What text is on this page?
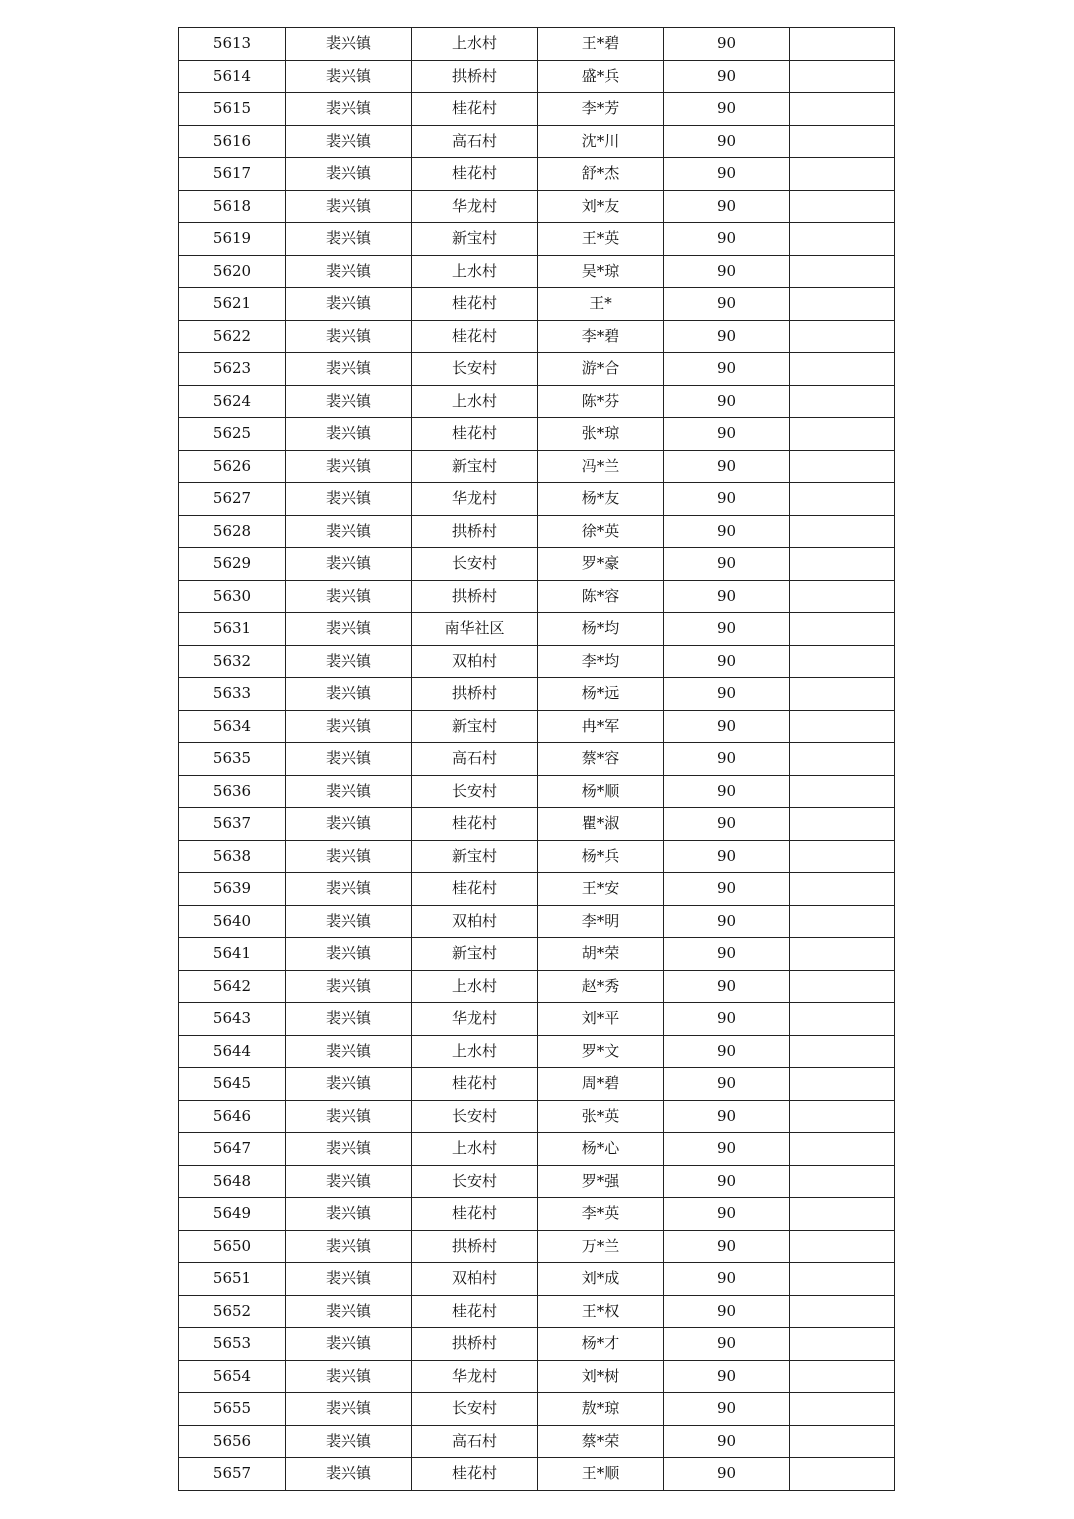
5613	裴兴镇	上水村	王*碧	90	
5614	裴兴镇	拱桥村	盛*兵	90	
5615	裴兴镇	桂花村	李*芳	90	
5616	裴兴镇	高石村	沈*川	90	
5617	裴兴镇	桂花村	舒*杰	90	
5618	裴兴镇	华龙村	刘*友	90	
5619	裴兴镇	新宝村	王*英	90	
5620	裴兴镇	上水村	吴*琼	90	
5621	裴兴镇	桂花村	王*	90	
5622	裴兴镇	桂花村	李*碧	90	
5623	裴兴镇	长安村	游*合	90	
5624	裴兴镇	上水村	陈*芬	90	
5625	裴兴镇	桂花村	张*琼	90	
5626	裴兴镇	新宝村	冯*兰	90	
5627	裴兴镇	华龙村	杨*友	90	
5628	裴兴镇	拱桥村	徐*英	90	
5629	裴兴镇	长安村	罗*豪	90	
5630	裴兴镇	拱桥村	陈*容	90	
5631	裴兴镇	南华社区	杨*均	90	
5632	裴兴镇	双柏村	李*均	90	
5633	裴兴镇	拱桥村	杨*远	90	
5634	裴兴镇	新宝村	冉*军	90	
5635	裴兴镇	高石村	蔡*容	90	
5636	裴兴镇	长安村	杨*顺	90	
5637	裴兴镇	桂花村	瞿*淑	90	
5638	裴兴镇	新宝村	杨*兵	90	
5639	裴兴镇	桂花村	王*安	90	
5640	裴兴镇	双柏村	李*明	90	
5641	裴兴镇	新宝村	胡*荣	90	
5642	裴兴镇	上水村	赵*秀	90	
5643	裴兴镇	华龙村	刘*平	90	
5644	裴兴镇	上水村	罗*文	90	
5645	裴兴镇	桂花村	周*碧	90	
5646	裴兴镇	长安村	张*英	90	
5647	裴兴镇	上水村	杨*心	90	
5648	裴兴镇	长安村	罗*强	90	
5649	裴兴镇	桂花村	李*英	90	
5650	裴兴镇	拱桥村	万*兰	90	
5651	裴兴镇	双柏村	刘*成	90	
5652	裴兴镇	桂花村	王*权	90	
5653	裴兴镇	拱桥村	杨*才	90	
5654	裴兴镇	华龙村	刘*树	90	
5655	裴兴镇	长安村	敖*琼	90	
5656	裴兴镇	高石村	蔡*荣	90	
5657	裴兴镇	桂花村	王*顺	90	
